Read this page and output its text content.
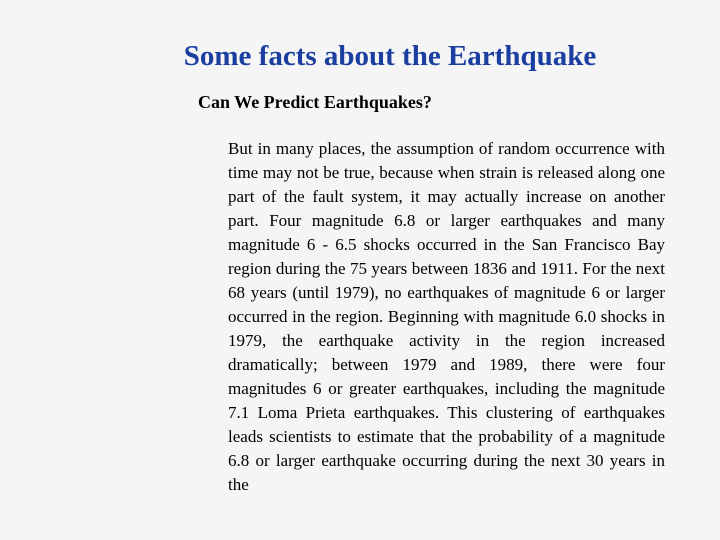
Some facts about the Earthquake
Can We Predict Earthquakes?

But in many places, the assumption of random occurrence with time may not be true, because when strain is released along one part of the fault system, it may actually increase on another part. Four magnitude 6.8 or larger earthquakes and many magnitude 6 - 6.5 shocks occurred in the San Francisco Bay region during the 75 years between 1836 and 1911. For the next 68 years (until 1979), no earthquakes of magnitude 6 or larger occurred in the region. Beginning with magnitude 6.0 shocks in 1979, the earthquake activity in the region increased dramatically; between 1979 and 1989, there were four magnitudes 6 or greater earthquakes, including the magnitude 7.1 Loma Prieta earthquakes. This clustering of earthquakes leads scientists to estimate that the probability of a magnitude 6.8 or larger earthquake occurring during the next 30 years in the
